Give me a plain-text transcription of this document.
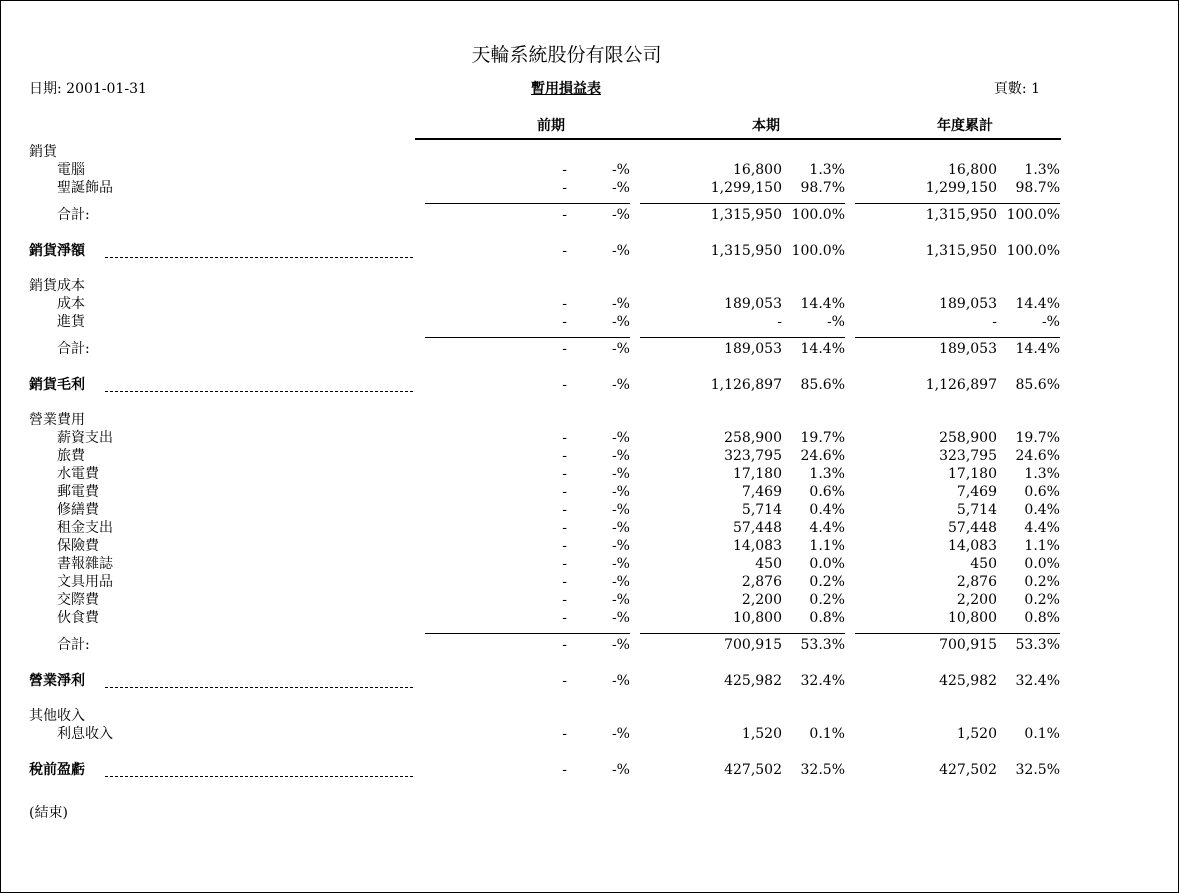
天輪系統股份有限公司
日期: 2001-01-31	暫用損益表	頁數: 1
前期	本期	年度累計
(結束)
銷貨
電腦	-	-%	16,800	1.3%	16,800	1.3%
聖誕飾品	-	-%	1,299,150	98.7%	1,299,150	98.7%
合計:	-	-%	1,315,950 100.0%	1,315,950 100.0%
銷貨淨額	-	-%	1,315,950 100.0%	1,315,950 100.0%
銷貨成本
成本	-	-%	189,053	14.4%	189,053	14.4%
進貨	-	-%	-	-%	-	-%
合計:	-	-%	189,053	14.4%	189,053	14.4%
銷貨毛利	-	-%	1,126,897	85.6%	1,126,897	85.6%
營業費用
薪資支出	-	-%	258,900	19.7%	258,900	19.7%
旅費	-	-%	323,795	24.6%	323,795	24.6%
水電費	-	-%	17,180	1.3%	17,180	1.3%
郵電費	-	-%	7,469	0.6%	7,469	0.6%
修繕費	-	-%	5,714	0.4%	5,714	0.4%
租金支出	-	-%	57,448	4.4%	57,448	4.4%
保險費	-	-%	14,083	1.1%	14,083	1.1%
書報雜誌	-	-%	450	0.0%	450	0.0%
文具用品	-	-%	2,876	0.2%	2,876	0.2%
交際費	-	-%	2,200	0.2%	2,200	0.2%
伙食費	-	-%	10,800	0.8%	10,800	0.8%
合計:	-	-%	700,915	53.3%	700,915	53.3%
營業淨利	-	-%	425,982	32.4%	425,982	32.4%
其他收入
利息收入	-	-%	1,520	0.1%	1,520	0.1%
稅前盈虧	-	-%	427,502	32.5%	427,502	32.5%
